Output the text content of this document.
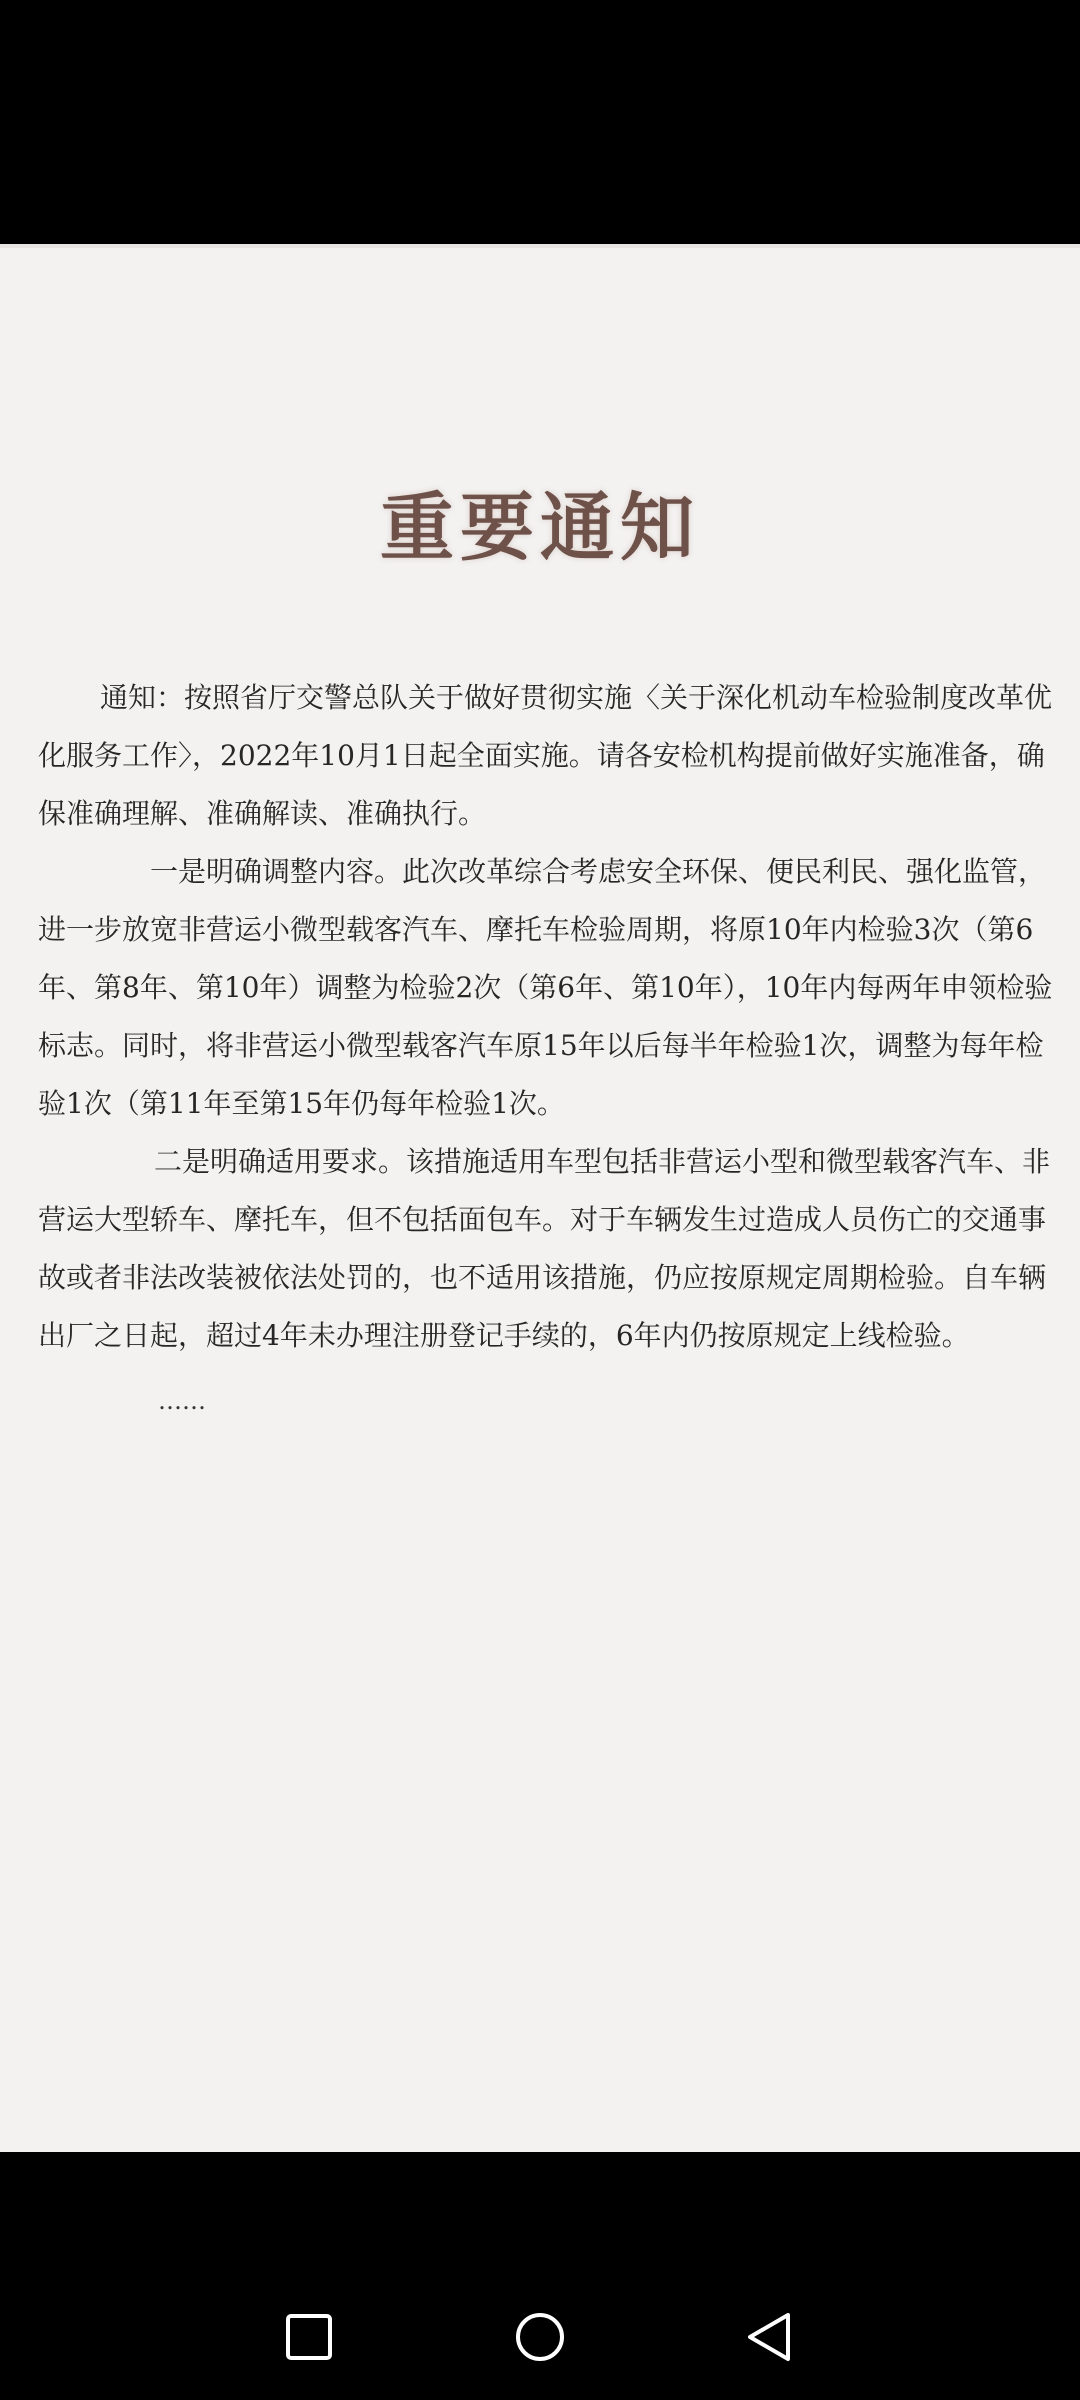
重要通知
通知：按照省厅交警总队关于做好贯彻实施〈关于深化机动车检验制度改革优
化服务工作〉，2022年10月1日起全面实施。请各安检机构提前做好实施准备，确
保准确理解、准确解读、准确执行。
一是明确调整内容。此次改革综合考虑安全环保、便民利民、强化监管，
进一步放宽非营运小微型载客汽车、摩托车检验周期，将原10年内检验3次（第6
年、第8年、第10年）调整为检验2次（第6年、第10年），10年内每两年申领检验
标志。同时，将非营运小微型载客汽车原15年以后每半年检验1次，调整为每年检
验1次（第11年至第15年仍每年检验1次。
二是明确适用要求。该措施适用车型包括非营运小型和微型载客汽车、非
营运大型轿车、摩托车，但不包括面包车。对于车辆发生过造成人员伤亡的交通事
故或者非法改装被依法处罚的，也不适用该措施，仍应按原规定周期检验。自车辆
出厂之日起，超过4年未办理注册登记手续的，6年内仍按原规定上线检验。
……
